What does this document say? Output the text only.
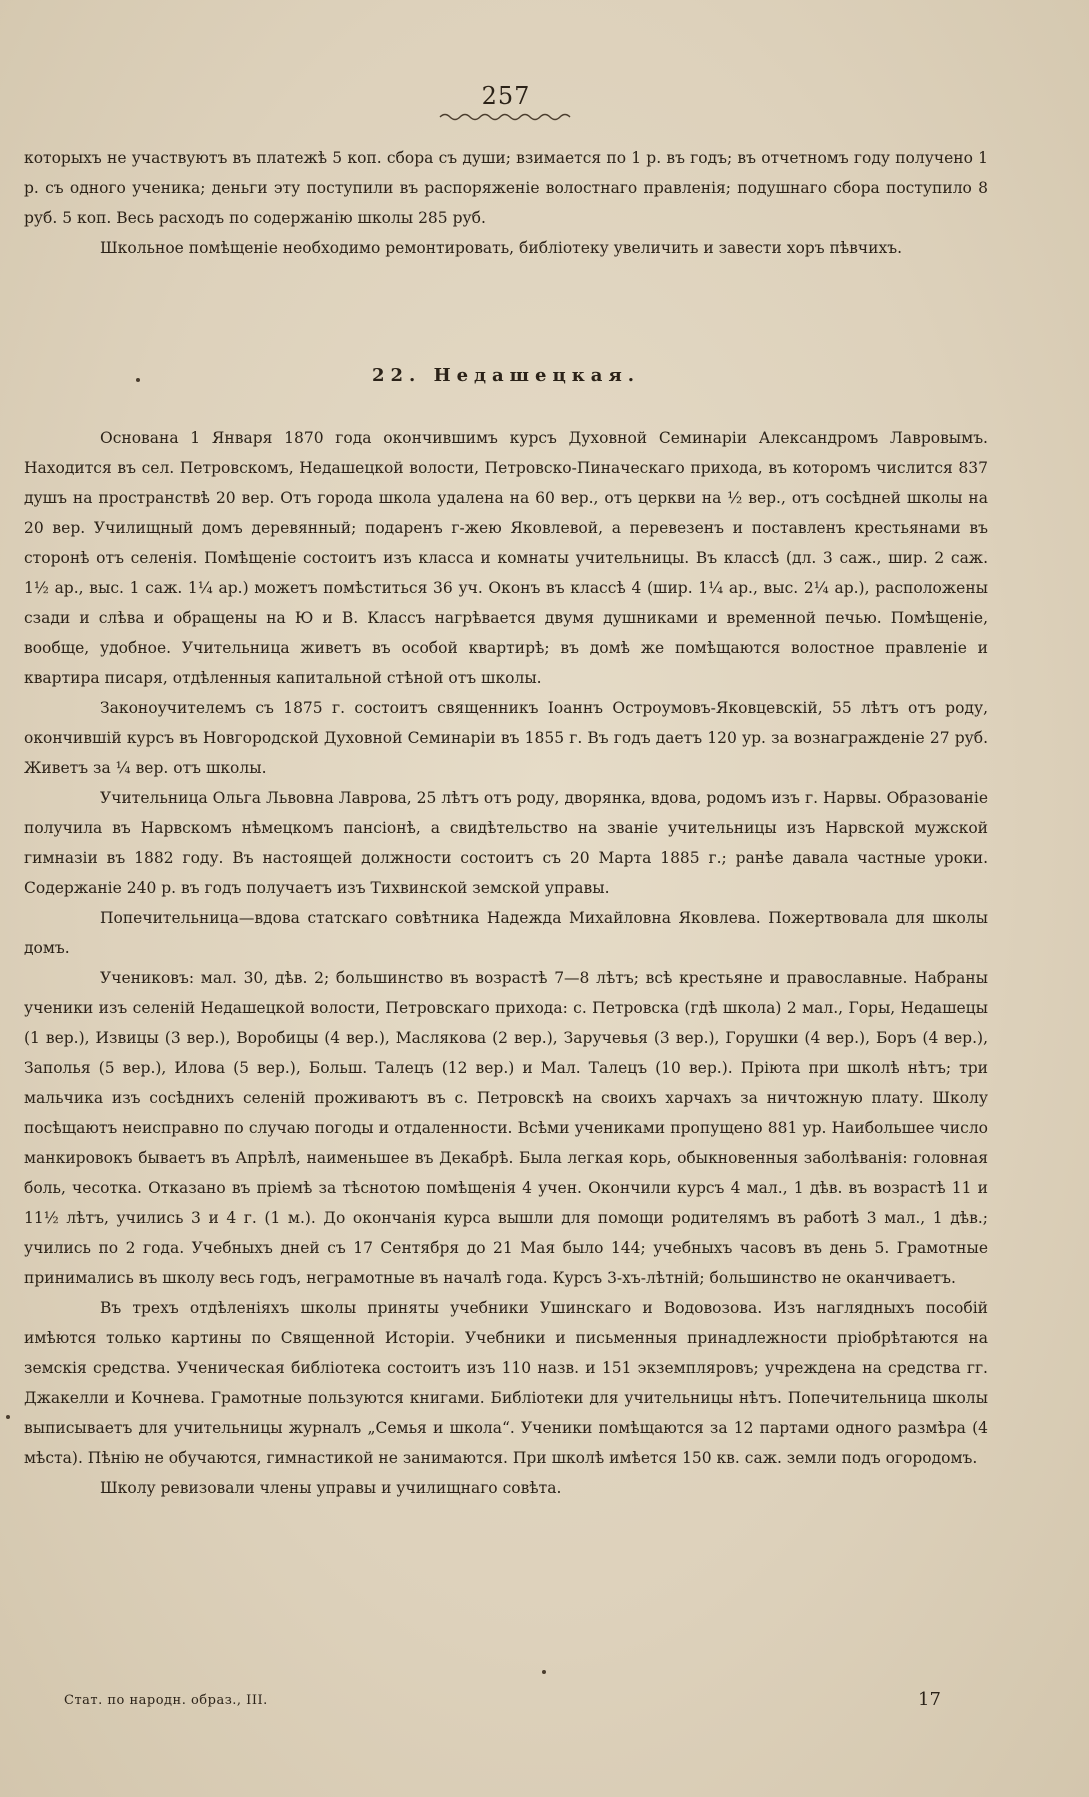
257

которыхъ не участвуютъ въ платежѣ 5 коп. сбора съ души; взимается по 1 р. въ годъ; въ отчетномъ году получено 1 р. съ одного ученика; деньги эту поступили въ распоряженіе волостнаго правленія; подушнаго сбора поступило 8 руб. 5 коп. Весь расходъ по содержанію школы 285 руб.

Школьное помѣщеніе необходимо ремонтировать, библіотеку увеличить и завести хоръ пѣвчихъ.

22. Недашецкая.

Основана 1 Января 1870 года окончившимъ курсъ Духовной Семинаріи Александромъ Лавровымъ. Находится въ сел. Петровскомъ, Недашецкой волости, Петровско-Пиначескаго прихода, въ которомъ числится 837 душъ на пространствѣ 20 вер. Отъ города школа удалена на 60 вер., отъ церкви на ½ вер., отъ сосѣдней школы на 20 вер. Училищный домъ деревянный; подаренъ г-жею Яковлевой, а перевезенъ и поставленъ крестьянами въ сторонѣ отъ селенія. Помѣщеніе состоитъ изъ класса и комнаты учительницы. Въ классѣ (дл. 3 саж., шир. 2 саж. 1½ ар., выс. 1 саж. 1¼ ар.) можетъ помѣститься 36 уч. Оконъ въ классѣ 4 (шир. 1¼ ар., выс. 2¼ ар.), расположены сзади и слѣва и обращены на Ю и В. Классъ нагрѣвается двумя душниками и временной печью. Помѣщеніе, вообще, удобное. Учительница живетъ въ особой квартирѣ; въ домѣ же помѣщаются волостное правленіе и квартира писаря, отдѣленныя капитальной стѣной отъ школы.

Законоучителемъ съ 1875 г. состоитъ священникъ Іоаннъ Остроумовъ-Яковцевскій, 55 лѣтъ отъ роду, окончившій курсъ въ Новгородской Духовной Семинаріи въ 1855 г. Въ годъ даетъ 120 ур. за вознагражденіе 27 руб. Живетъ за ¼ вер. отъ школы.

Учительница Ольга Львовна Лаврова, 25 лѣтъ отъ роду, дворянка, вдова, родомъ изъ г. Нарвы. Образованіе получила въ Нарвскомъ нѣмецкомъ пансіонѣ, а свидѣтельство на званіе учительницы изъ Нарвской мужской гимназіи въ 1882 году. Въ настоящей должности состоитъ съ 20 Марта 1885 г.; ранѣе давала частные уроки. Содержаніе 240 р. въ годъ получаетъ изъ Тихвинской земской управы.

Попечительница—вдова статскаго совѣтника Надежда Михайловна Яковлева. Пожертвовала для школы домъ.

Учениковъ: мал. 30, дѣв. 2; большинство въ возрастѣ 7—8 лѣтъ; всѣ крестьяне и православные. Набраны ученики изъ селеній Недашецкой волости, Петровскаго прихода: с. Петровска (гдѣ школа) 2 мал., Горы, Недашецы (1 вер.), Извицы (3 вер.), Воробицы (4 вер.), Маслякова (2 вер.), Заручевья (3 вер.), Горушки (4 вер.), Боръ (4 вер.), Заполья (5 вер.), Илова (5 вер.), Больш. Талецъ (12 вер.) и Мал. Талецъ (10 вер.). Пріюта при школѣ нѣтъ; три мальчика изъ сосѣднихъ селеній проживаютъ въ с. Петровскѣ на своихъ харчахъ за ничтожную плату. Школу посѣщаютъ неисправно по случаю погоды и отдаленности. Всѣми учениками пропущено 881 ур. Наибольшее число манкировокъ бываетъ въ Апрѣлѣ, наименьшее въ Декабрѣ. Была легкая корь, обыкновенныя заболѣванія: головная боль, чесотка. Отказано въ пріемѣ за тѣснотою помѣщенія 4 учен. Окончили курсъ 4 мал., 1 дѣв. въ возрастѣ 11 и 11½ лѣтъ, учились 3 и 4 г. (1 м.). До окончанія курса вышли для помощи родителямъ въ работѣ 3 мал., 1 дѣв.; учились по 2 года. Учебныхъ дней съ 17 Сентября до 21 Мая было 144; учебныхъ часовъ въ день 5. Грамотные принимались въ школу весь годъ, неграмотные въ началѣ года. Курсъ 3-хъ-лѣтній; большинство не оканчиваетъ.

Въ трехъ отдѣленіяхъ школы приняты учебники Ушинскаго и Водовозова. Изъ наглядныхъ пособій имѣются только картины по Священной Исторіи. Учебники и письменныя принадлежности пріобрѣтаются на земскія средства. Ученическая библіотека состоитъ изъ 110 назв. и 151 экземпляровъ; учреждена на средства гг. Джакелли и Кочнева. Грамотные пользуются книгами. Библіотеки для учительницы нѣтъ. Попечительница школы выписываетъ для учительницы журналъ „Семья и школа“. Ученики помѣщаются за 12 партами одного размѣра (4 мѣста). Пѣнію не обучаются, гимнастикой не занимаются. При школѣ имѣется 150 кв. саж. земли подъ огородомъ.

Школу ревизовали члены управы и училищнаго совѣта.

Стат. по народн. образ., III.	17
